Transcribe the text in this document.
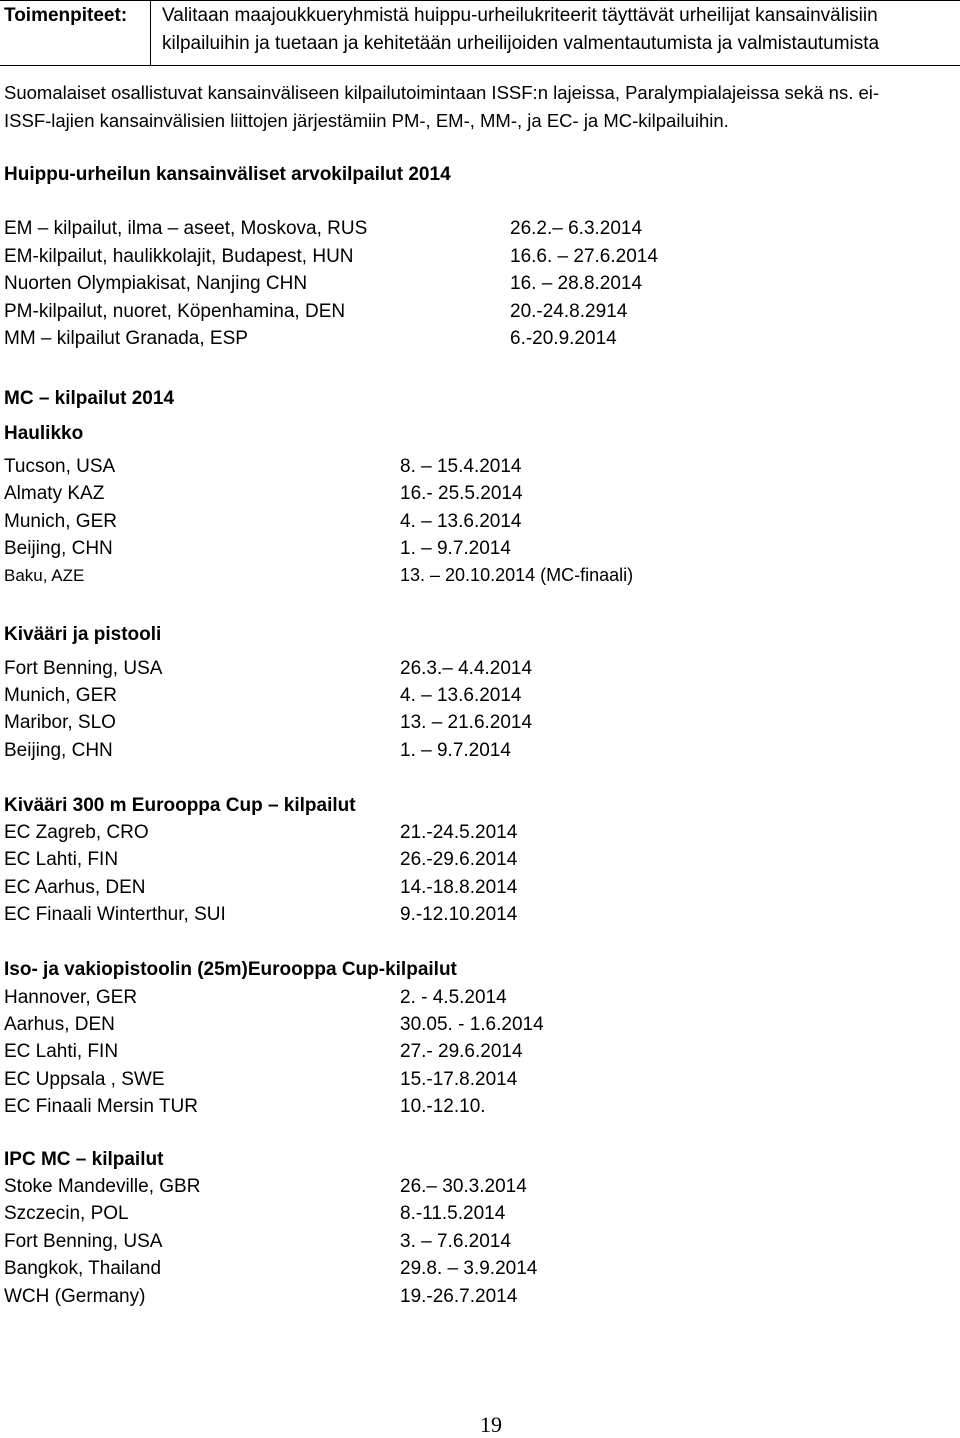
Toimenpiteet: Valitaan maajoukkueryhmistä huippu-urheilukriteerit täyttävät urheilijat kansainvälisiin
kilpailuihin ja tuetaan ja kehitetään urheilijoiden valmentautumista ja valmistautumista
Suomalaiset osallistuvat kansainväliseen kilpailutoimintaan ISSF:n lajeissa, Paralympialajeissa sekä ns. ei-
ISSF-lajien kansainvälisien liittojen järjestämiin PM-, EM-, MM-, ja EC- ja MC-kilpailuihin.
Huippu-urheilun kansainväliset arvokilpailut 2014
EM – kilpailut, ilma – aseet, Moskova, RUS	26.2.– 6.3.2014
EM-kilpailut, haulikkolajit, Budapest, HUN	16.6. – 27.6.2014
Nuorten Olympiakisat, Nanjing CHN	16. – 28.8.2014
PM-kilpailut, nuoret, Köpenhamina, DEN	20.-24.8.2914
MM – kilpailut Granada, ESP	6.-20.9.2014
MC – kilpailut 2014
Haulikko
Tucson, USA	8. – 15.4.2014
Almaty KAZ	16.- 25.5.2014
Munich, GER	4. – 13.6.2014
Beijing, CHN	1. – 9.7.2014
Baku, AZE	13. – 20.10.2014 (MC-finaali)
Kivääri ja pistooli
Fort Benning, USA	26.3.– 4.4.2014
Munich, GER	4. – 13.6.2014
Maribor, SLO	13. – 21.6.2014
Beijing, CHN	1. – 9.7.2014
Kivääri 300 m Eurooppa Cup – kilpailut
EC Zagreb, CRO	21.-24.5.2014
EC Lahti, FIN	26.-29.6.2014
EC Aarhus, DEN	14.-18.8.2014
EC Finaali Winterthur, SUI	9.-12.10.2014
Iso- ja vakiopistoolin (25m)Eurooppa Cup-kilpailut
Hannover, GER	2. - 4.5.2014
Aarhus, DEN	30.05. - 1.6.2014
EC Lahti, FIN	27.- 29.6.2014
EC Uppsala , SWE	15.-17.8.2014
EC Finaali Mersin TUR	10.-12.10.
IPC MC – kilpailut
Stoke Mandeville, GBR	26.– 30.3.2014
Szczecin, POL	8.-11.5.2014
Fort Benning, USA	3. – 7.6.2014
Bangkok, Thailand	29.8. – 3.9.2014
WCH (Germany)	19.-26.7.2014
19
